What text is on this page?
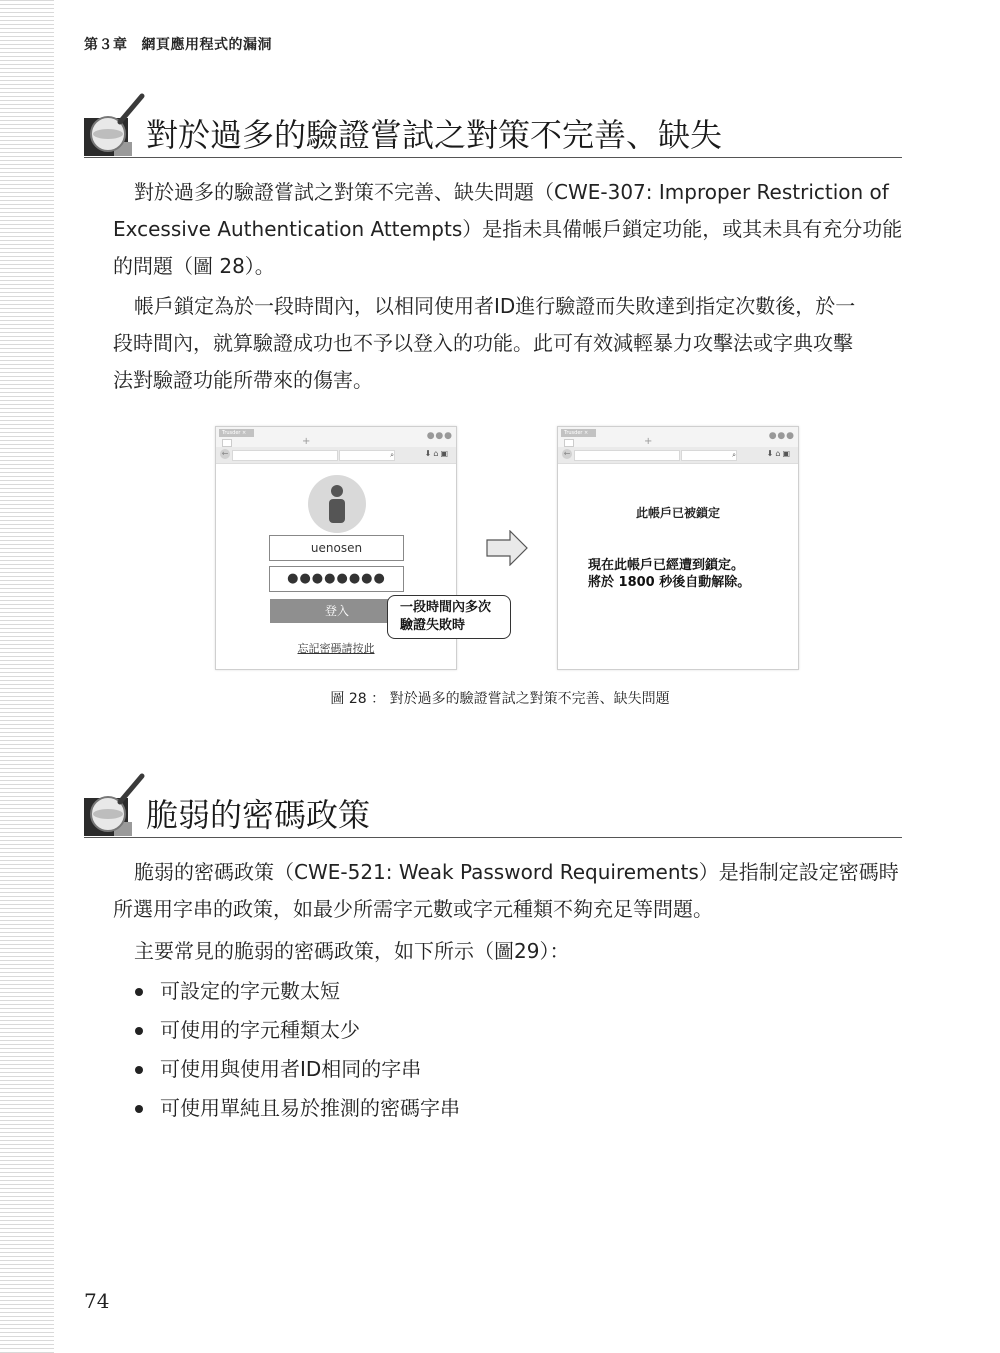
第３章 網頁應用程式的漏洞
對於過多的驗證嘗試之對策不完善、缺失

對於過多的驗證嘗試之對策不完善、缺失問題（CWE-307: Improper Restriction of
Excessive Authentication Attempts）是指未具備帳戶鎖定功能，或其未具有充分功能
的問題（圖 28）。

帳戶鎖定為於一段時間內，以相同使用者ID進行驗證而失敗達到指定次數後，於一
段時間內，就算驗證成功也不予以登入的功能。此可有效減輕暴力攻擊法或字典攻擊
法對驗證功能所帶來的傷害。

Trusder ×
+	● ● ●
←	⌕	⬇⌂▣
uenosen
●●●●●●●●
登入
忘記密碼請按此
一段時間內多次
驗證失敗時
Trusder ×
+	● ● ●
←	⌕	⬇⌂▣
此帳戶已被鎖定
現在此帳戶已經遭到鎖定。
將於 1800 秒後自動解除。
圖 28 ： 對於過多的驗證嘗試之對策不完善、缺失問題
脆弱的密碼政策

脆弱的密碼政策（CWE-521: Weak Password Requirements）是指制定設定密碼時
所選用字串的政策，如最少所需字元數或字元種類不夠充足等問題。

主要常見的脆弱的密碼政策，如下所示（圖29）：

可設定的字元數太短
可使用的字元種類太少
可使用與使用者ID相同的字串
可使用單純且易於推測的密碼字串
74
